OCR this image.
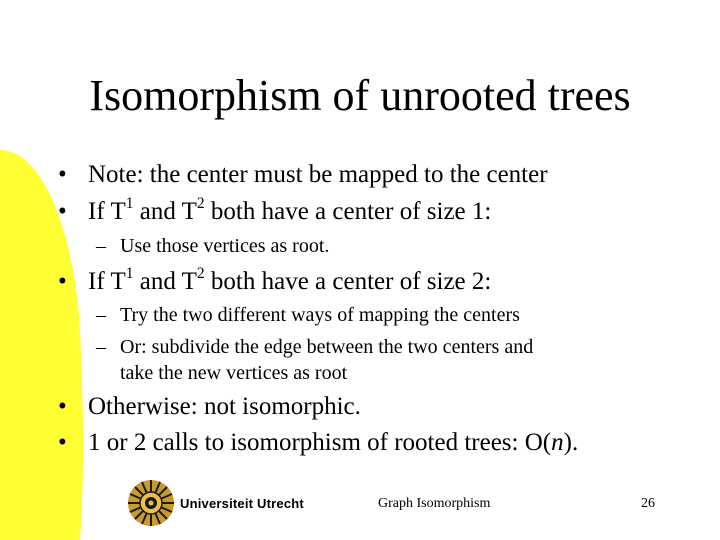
Isomorphism of unrooted trees
• Note: the center must be mapped to the center
• If $T^1$ and $T^2$ both have a center of size 1:
– Use those vertices as root.
• If $T^1$ and $T^2$ both have a center of size 2:
– Try the two different ways of mapping the centers
– Or: subdivide the edge between the two centers and
take the new vertices as root
• Otherwise: not isomorphic.
• 1 or 2 calls to isomorphism of rooted trees: O(n).
Universiteit Utrecht	Graph Isomorphism	26
